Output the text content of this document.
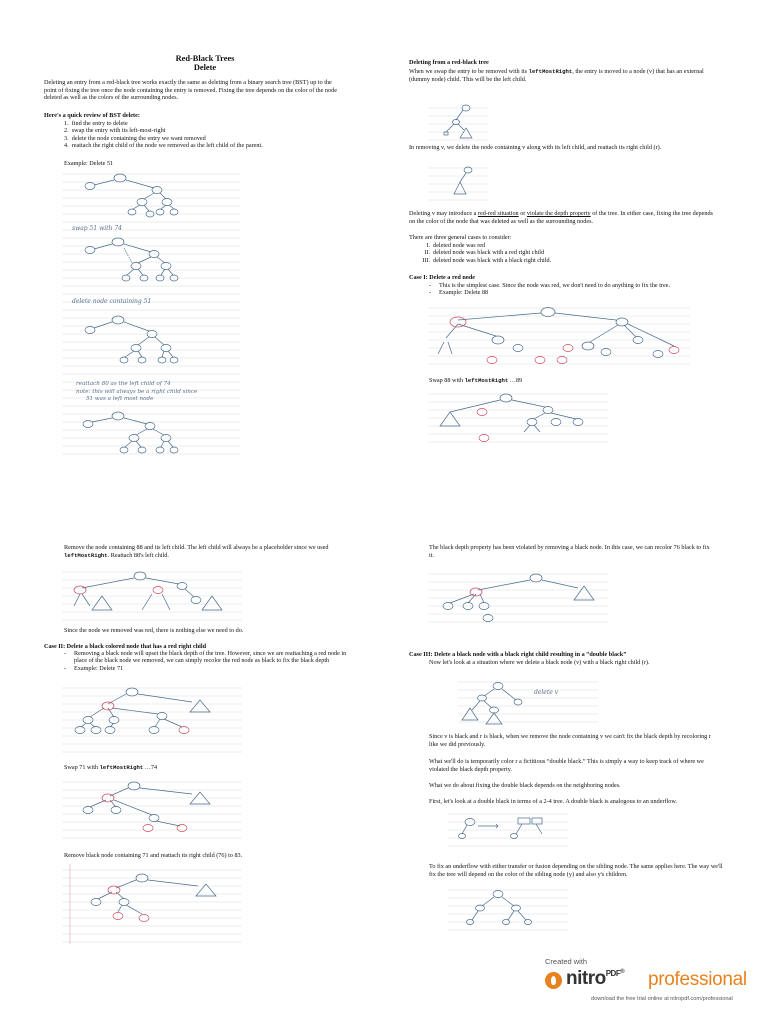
Red-Black Trees
Delete
Deleting an entry from a red-black tree works exactly the same as deleting from a binary search tree (BST) up to the point of fixing the tree once the node containing the entry is removed. Fixing the tree depends on the color of the node deleted as well as the colors of the surrounding nodes.
Here's a quick review of BST delete:
1.  find the entry to delete
2.  swap the entry with its left-most-right
3.  delete the node containing the entry we want removed
4.  reattach the right child of the node we removed as the left child of the parent.
Example: Delete 51
swap 51 with 74
delete node containing 51
reattach 80 as the left child of 74
note: this will always be a right child since
51 was a left most node
Remove the node containing 88 and its left child. The left child will always be a placeholder since we used leftMostRight. Reattach 88's left child.
Since the node we removed was red, there is nothing else we need to do.
Case II: Delete a black colored node that has a red right child
-	Removing a black node will upset the black depth of the tree. However, since we are reattaching a red node in place of the black node we removed, we can simply recolor the red node as black to fix the black depth
-	Example: Delete 71
Swap 71 with leftMostRight …74
Remove black node containing 71 and reattach its right child (76) to 83.
Deleting from a red-black tree
When we swap the entry to be removed with its leftMostRight, the entry is moved to a node (v) that has an external (dummy node) child. This will be the left child.
In removing v, we delete the node containing v along with its left child, and reattach its right child (r).
Deleting v may introduce a red-red situation or violate the depth property of the tree. In either case, fixing the tree depends on the color of the node that was deleted as well as the surrounding nodes.
There are three general cases to consider:
I. deleted node was red
II. deleted node was black with a red right child
III. deleted node was black with a black right child.
Case I: Delete a red node
-	This is the simplest case. Since the node was red, we don't need to do anything to fix the tree.
-	Example: Delete 88
Swap 88 with leftMostRight …89
The black depth property has been violated by removing a black node. In this case, we can recolor 76 black to fix it.
Case III: Delete a black node with a black right child resulting in a “double black”
Now let's look at a situation where we delete a black node (v) with a black right child (r).
delete v
Since v is black and r is black, when we remove the node containing v we can't fix the black depth by recoloring r like we did previously.
What we'll do is temporarily color r a fictitious “double black.” This is simply a way to keep track of where we violated the black depth property.
What we do about fixing the double black depends on the neighboring nodes.
First, let's look at a double black in terms of a 2-4 tree. A double black is analogous to an underflow.
To fix an underflow with either transfer or fusion depending on the sibling node. The same applies here. The way we'll fix the tree will depend on the color of the sibling node (y) and also y's children.
Created with
nitro$^{PDF®}$ professional
download the free trial online at nitropdf.com/professional
